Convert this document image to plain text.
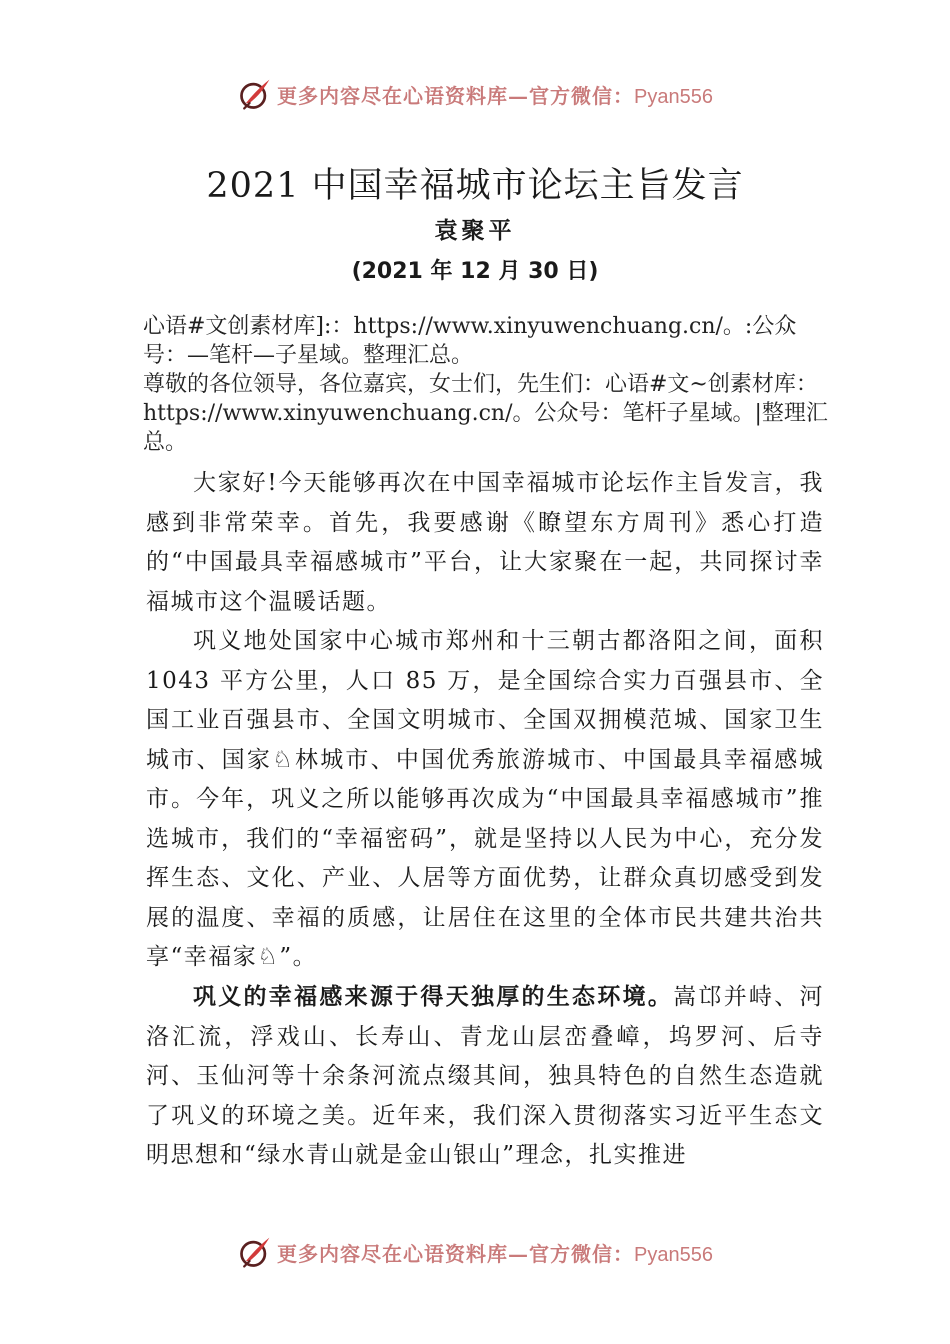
更多内容尽在心语资料库—官方微信：Pyan556
2021 中国幸福城市论坛主旨发言
袁聚平
(2021 年 12 月 30 日)
心语#文创素材库]:：https://www.xinyuwenchuang.cn/。:公众号：—笔杆—子星域。整理汇总。
尊敬的各位领导，各位嘉宾，女士们，先生们：心语#文~创素材库：https://www.xinyuwenchuang.cn/。公众号：笔杆子星域。|整理汇总。

大家好!今天能够再次在中国幸福城市论坛作主旨发言，我感到非常荣幸。首先，我要感谢《瞭望东方周刊》悉心打造的“中国最具幸福感城市”平台，让大家聚在一起，共同探讨幸福城市这个温暖话题。

巩义地处国家中心城市郑州和十三朝古都洛阳之间，面积 1043 平方公里，人口 85 万，是全国综合实力百强县市、全国工业百强县市、全国文明城市、全国双拥模范城、国家卫生城市、国家♘林城市、中国优秀旅游城市、中国最具幸福感城市。今年，巩义之所以能够再次成为“中国最具幸福感城市”推选城市，我们的“幸福密码”，就是坚持以人民为中心，充分发挥生态、文化、产业、人居等方面优势，让群众真切感受到发展的温度、幸福的质感，让居住在这里的全体市民共建共治共享“幸福家♘”。

巩义的幸福感来源于得天独厚的生态环境。嵩邙并峙、河洛汇流，浮戏山、长寿山、青龙山层峦叠嶂，坞罗河、后寺河、玉仙河等十余条河流点缀其间，独具特色的自然生态造就了巩义的环境之美。近年来，我们深入贯彻落实习近平生态文明思想和“绿水青山就是金山银山”理念，扎实推进

更多内容尽在心语资料库—官方微信：Pyan556
